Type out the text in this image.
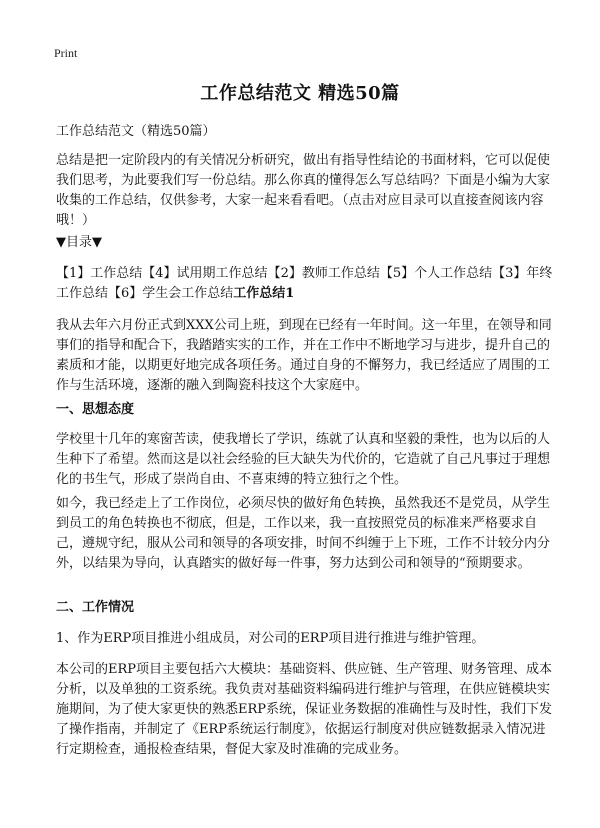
Print
工作总结范文 精选50篇
工作总结范文（精选50篇）
总结是把一定阶段内的有关情况分析研究，做出有指导性结论的书面材料，它可以促使我们思考，为此要我们写一份总结。那么你真的懂得怎么写总结吗？下面是小编为大家收集的工作总结，仅供参考，大家一起来看看吧。（点击对应目录可以直接查阅该内容哦！）
▼目录▼
【1】工作总结【4】试用期工作总结【2】教师工作总结【5】个人工作总结【3】年终工作总结【6】学生会工作总结工作总结1
我从去年六月份正式到XXX公司上班，到现在已经有一年时间。这一年里，在领导和同事们的指导和配合下，我踏踏实实的工作，并在工作中不断地学习与进步，提升自己的素质和才能，以期更好地完成各项任务。通过自身的不懈努力，我已经适应了周围的工作与生活环境，逐渐的融入到陶瓷科技这个大家庭中。
一、思想态度
学校里十几年的寒窗苦读，使我增长了学识，练就了认真和坚毅的秉性，也为以后的人生种下了希望。然而这是以社会经验的巨大缺失为代价的，它造就了自己凡事过于理想化的书生气，形成了崇尚自由、不喜束缚的特立独行之个性。
如今，我已经走上了工作岗位，必须尽快的做好角色转换，虽然我还不是党员，从学生到员工的角色转换也不彻底，但是，工作以来，我一直按照党员的标准来严格要求自己，遵规守纪，服从公司和领导的各项安排，时间不纠缠于上下班，工作不计较分内分外，以结果为导向，认真踏实的做好每一件事，努力达到公司和领导的“预期要求。
二、工作情况
1、作为ERP项目推进小组成员，对公司的ERP项目进行推进与维护管理。
本公司的ERP项目主要包括六大模块：基础资料、供应链、生产管理、财务管理、成本分析，以及单独的工资系统。我负责对基础资料编码进行维护与管理，在供应链模块实施期间，为了使大家更快的熟悉ERP系统，保证业务数据的准确性与及时性，我们下发了操作指南，并制定了《ERP系统运行制度》，依据运行制度对供应链数据录入情况进行定期检查，通报检查结果，督促大家及时准确的完成业务。
